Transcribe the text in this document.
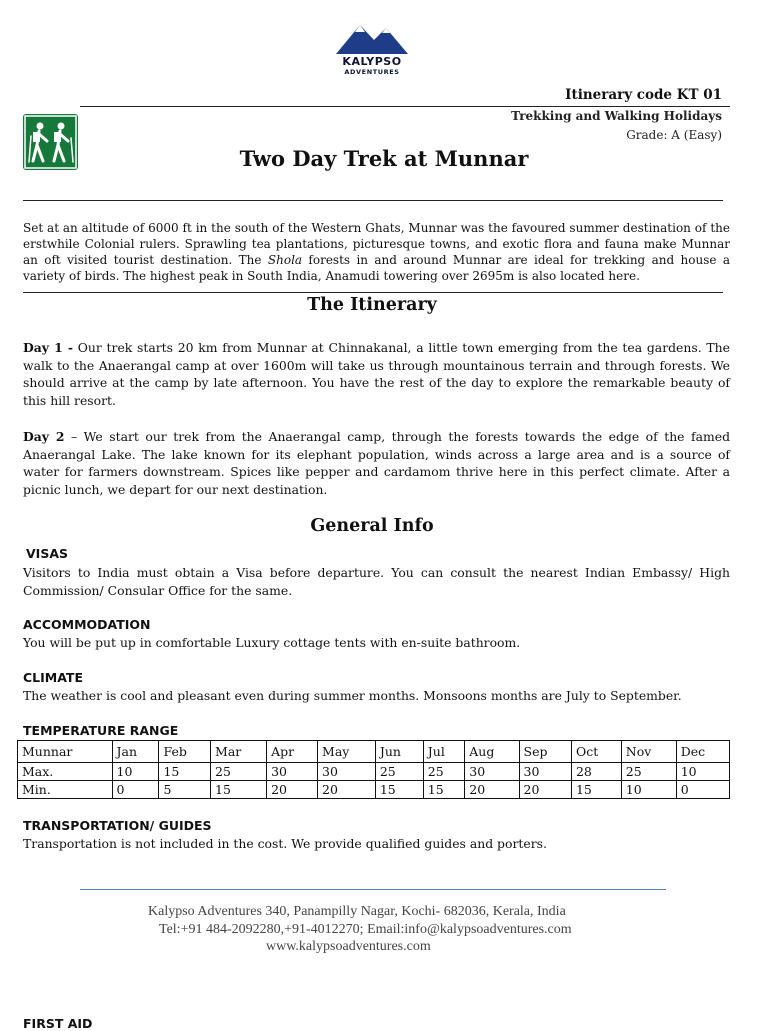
KALYPSO
ADVENTURES
Itinerary code KT 01
Trekking and Walking Holidays
Grade: A (Easy)
Two Day Trek at Munnar
Set at an altitude of 6000 ft in the south of the Western Ghats, Munnar was the favoured summer destination of the erstwhile Colonial rulers. Sprawling tea plantations, picturesque towns, and exotic flora and fauna make Munnar an oft visited tourist destination. The Shola forests in and around Munnar are ideal for trekking and house a variety of birds. The highest peak in South India, Anamudi towering over 2695m is also located here.
The Itinerary
Day 1 - Our trek starts 20 km from Munnar at Chinnakanal, a little town emerging from the tea gardens. The walk to the Anaerangal camp at over 1600m will take us through mountainous terrain and through forests. We should arrive at the camp by late afternoon. You have the rest of the day to explore the remarkable beauty of this hill resort.
Day 2 – We start our trek from the Anaerangal camp, through the forests towards the edge of the famed Anaerangal Lake. The lake known for its elephant population, winds across a large area and is a source of water for farmers downstream. Spices like pepper and cardamom thrive here in this perfect climate. After a picnic lunch, we depart for our next destination.
General Info
VISAS
Visitors to India must obtain a Visa before departure. You can consult the nearest Indian Embassy/ High Commission/ Consular Office for the same.
ACCOMMODATION
You will be put up in comfortable Luxury cottage tents with en-suite bathroom.
CLIMATE
The weather is cool and pleasant even during summer months. Monsoons months are July to September.
TEMPERATURE RANGE
Munnar	Jan	Feb	Mar	Apr	May	Jun	Jul	Aug	Sep	Oct	Nov	Dec
Max.	10	15	25	30	30	25	25	30	30	28	25	10
Min.	0	5	15	20	20	15	15	20	20	15	10	0
TRANSPORTATION/ GUIDES
Transportation is not included in the cost. We provide qualified guides and porters.
Kalypso Adventures 340, Panampilly Nagar, Kochi- 682036, Kerala, India
Tel:+91 484-2092280,+91-4012270; Email:info@kalypsoadventures.com
www.kalypsoadventures.com
FIRST AID
